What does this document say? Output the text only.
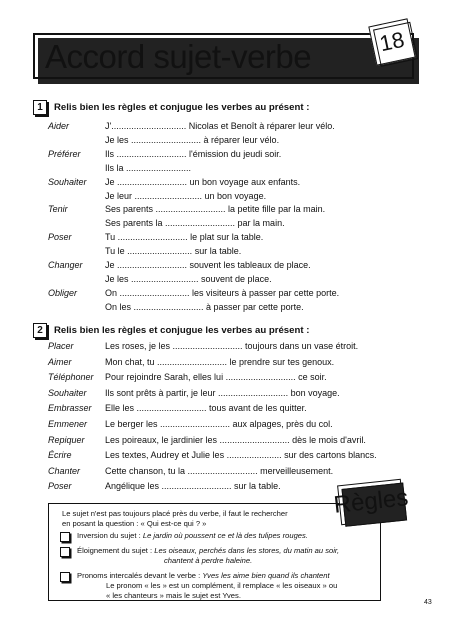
Accord sujet-verbe	18
1	Relis bien les règles et conjugue les verbes au présent :
Aider	J'.............................. Nicolas et Benoît à réparer leur vélo.
Je les ............................ à réparer leur vélo.
Préférer	Ils ............................ l'émission du jeudi soir.
Ils la ..........................
Souhaiter Je ............................ un bon voyage aux enfants.
Je leur ........................... un bon voyage.
Tenir	Ses parents ............................ la petite fille par la main.
Ses parents la ............................ par la main.
Poser	Tu ............................ le plat sur la table.
Tu le .......................... sur la table.
Changer Je ............................ souvent les tableaux de place.
Je les ........................... souvent de place.
Obliger	On ............................ les visiteurs à passer par cette porte.
On les ............................ à passer par cette porte.
2	Relis bien les règles et conjugue les verbes au présent :
Placer	Les roses, je les ............................ toujours dans un vase étroit.
Aimer	Mon chat, tu ............................ le prendre sur tes genoux.
Téléphoner Pour rejoindre Sarah, elles lui ............................ ce soir.
Souhaiter Ils sont prêts à partir, je leur ............................ bon voyage.
Embrasser Elle les ............................ tous avant de les quitter.
Emmener Le berger les ............................ aux alpages, près du col.
Repiquer Les poireaux, le jardinier les ............................ dès le mois d'avril.
Écrire	Les textes, Audrey et Julie les ...................... sur des cartons blancs.
Chanter	Cette chanson, tu la ............................ merveilleusement.
Poser	Angélique les ............................ sur la table. Règles
Le sujet n'est pas toujours placé près du verbe, il faut le rechercher
en posant la question : « Qui est-ce qui ? »
Inversion du sujet : Le jardin où poussent ce et là des tulipes rouges.
Éloignement du sujet : Les oiseaux, perchés dans les stores, du matin au soir,
chantent à perdre haleine.
Pronoms intercalés devant le verbe : Yves les aime bien quand ils chantent
Le pronom « les » est un complément, il remplace « les oiseaux » ou
« les chanteurs » mais le sujet est Yves.
43
